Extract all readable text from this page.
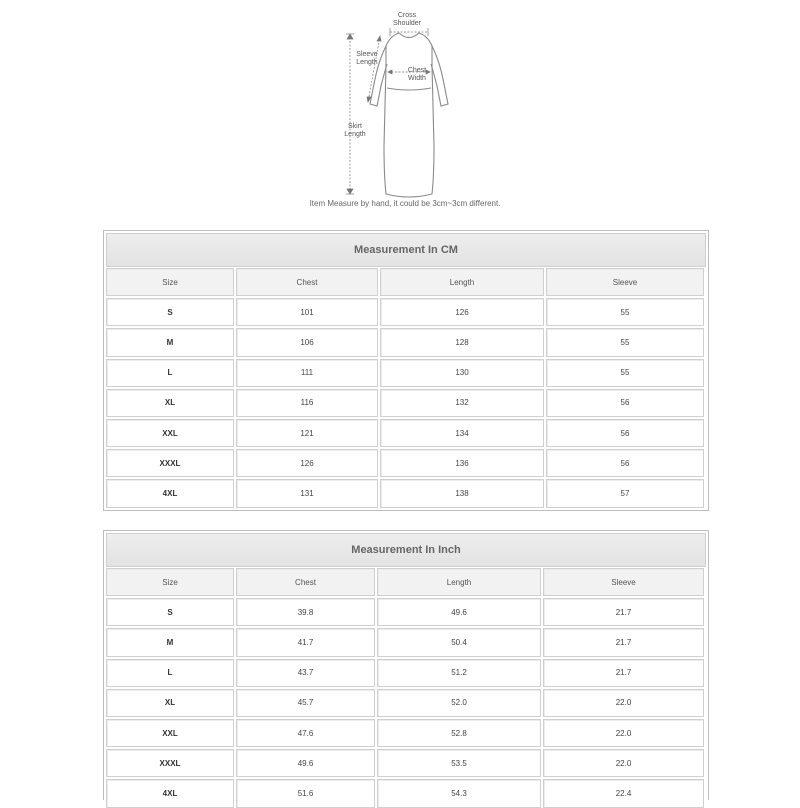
Cross Shoulder
Sleeve Length
Chest Width
Skirt Length
Item Measure by hand, it could be 3cm~3cm different.
Measurement In CM
Size	Chest	Length	Sleeve
S	101	126	55
M	106	128	55
L	111	130	55
XL	116	132	56
XXL	121	134	56
XXXL	126	136	56
4XL	131	138	57
Measurement In Inch
Size	Chest	Length	Sleeve
S	39.8	49.6	21.7
M	41.7	50.4	21.7
L	43.7	51.2	21.7
XL	45.7	52.0	22.0
XXL	47.6	52.8	22.0
XXXL	49.6	53.5	22.0
4XL	51.6	54.3	22.4
